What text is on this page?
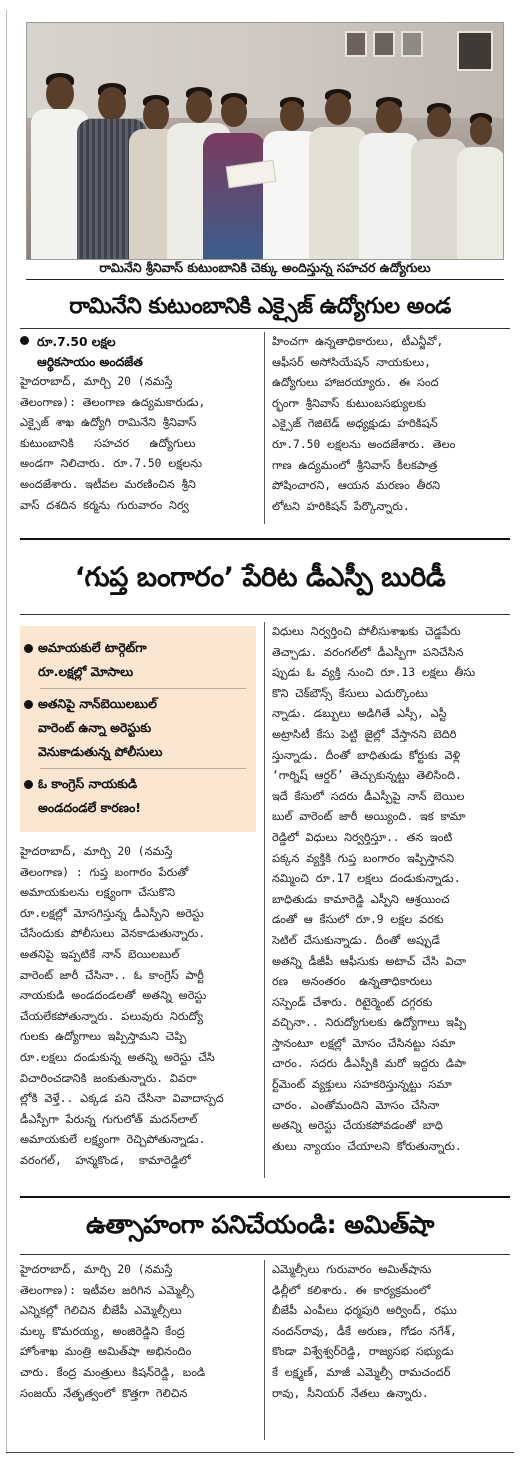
రామినేని శ్రీనివాస్ కుటుంబానికి చెక్కు అందిస్తున్న సహచర ఉద్యోగులు
రామినేని కుటుంబానికి ఎక్సైజ్ ఉద్యోగుల అండ
రూ.7.50 లక్షల
ఆర్థికసాయం అందజేత
హైదరాబాద్, మార్చి 20 (నమస్తే
తెలంగాణ): తెలంగాణ ఉద్యమకారుడు,
ఎక్సైజ్ శాఖ ఉద్యోగి రామినేని శ్రీనివాస్
కుటుంబానికి   సహచర   ఉద్యోగులు
అండగా నిలిచారు. రూ.7.50 లక్షలను
అందజేశారు. ఇటీవల మరణించిన శ్రీని
వాస్ దశదిన కర్మను గురువారం నిర్వ
హించగా ఉన్నతాధికారులు, టీఎన్జీవో,
ఆఫీసర్ అసోసియేషన్ నాయకులు,
ఉద్యోగులు హాజరయ్యారు. ఈ సంద
ర్భంగా శ్రీనివాస్ కుటుంబసభ్యులకు
ఎక్సైజ్ గెజిటెడ్ అధ్యక్షుడు హరికిషన్
రూ.7.50 లక్షలను అందజేశారు. తెలం
గాణ ఉద్యమంలో శ్రీనివాస్ కీలకపాత్ర
పోషించారని, ఆయన మరణం తీరని
లోటని హరికిషన్ పేర్కొన్నారు.
‘గుప్త బంగారం’ పేరిట డీఎస్పీ బురిడీ
అమాయకులే టార్గెట్‌గా
రూ.లక్షల్లో మోసాలు
అతనిపై నాన్‌బెయిలబుల్
వారెంట్ ఉన్నా అరెస్టుకు
వెనుకాడుతున్న పోలీసులు
ఓ కాంగ్రెస్ నాయకుడి
అండదండలే కారణం!
హైదరాబాద్, మార్చి 20 (నమస్తే
తెలంగాణ) : గుప్త బంగారం పేరుతో
అమాయకులను లక్ష్యంగా చేసుకొని
రూ.లక్షల్లో మోసగిస్తున్న డీఎస్పీని అరెస్టు
చేసేందుకు పోలీసులు వెనకాడుతున్నారు.
అతనిపై ఇప్పటికే నాన్ బెయిలబుల్
వారెంట్ జారీ చేసినా.. ఓ కాంగ్రెస్ పార్టీ
నాయకుడి అండదండలతో అతన్ని అరెస్టు
చేయలేకపోతున్నారు. పలువురు నిరుద్యో
గులకు ఉద్యోగాలు ఇప్పిస్తామని చెప్పి
రూ.లక్షలు దండుకున్న అతన్ని అరెస్టు చేసి
విచారించడానికి జంకుతున్నారు. వివరా
ల్లోకి వెళ్తే.. ఎక్కడ పని చేసినా వివాదాస్పద
డీఎస్పీగా పేరున్న గుగులోత్ మదన్‌లాల్
అమాయకులే లక్ష్యంగా రెచ్చిపోతున్నాడు.
వరంగల్,  హన్మకొండ,  కామారెడ్డిలో
విధులు నిర్వర్తించి పోలీసుశాఖకు చెడ్డపేరు
తెచ్చాడు. వరంగల్‌లో డీఎస్పీగా పనిచేసిన
ప్పుడు ఓ వ్యక్తి నుంచి రూ.13 లక్షలు తీసు
కొని చెక్‌బౌన్స్ కేసులు ఎదుర్కొంటు
న్నాడు. డబ్బులు అడిగితే ఎస్సీ, ఎస్టీ
అట్రాసిటీ కేసు పెట్టి జైల్లో వేస్తానని బెదిరి
స్తున్నాడు. దీంతో బాధితుడు కోర్టుకు వెళ్లి
‘గార్నిష్ ఆర్డర్’ తెచ్చుకున్నట్టు తెలిసింది.
ఇదే కేసులో సదరు డీఎస్పీపై నాన్ బెయిల
బుల్ వారెంట్ జారీ అయ్యింది. ఇక కామా
రెడ్డిలో విధులు నిర్వర్తిస్తూ.. తన ఇంటి
పక్కన వ్యక్తికి గుప్త బంగారం ఇప్పిస్తానని
నమ్మించి రూ.17 లక్షలు దండుకున్నాడు.
బాధితుడు కామారెడ్డి ఎస్పీని ఆశ్రయించ
డంతో ఆ కేసులో రూ.9 లక్షల వరకు
సెటిల్ చేసుకున్నాడు. దీంతో అప్పుడే
అతన్ని డీజీపీ ఆఫీసుకు అటాచ్ చేసి విచా
రణ  అనంతరం  ఉన్నతాధికారులు
సస్పెండ్ చేశారు. రిటైర్మెంట్ దగ్గరకు
వచ్చినా.. నిరుద్యోగులకు ఉద్యోగాలు ఇప్పి
స్తానంటూ లక్షల్లో మోసం చేసినట్టు సమా
చారం. సదరు డీఎస్పీకి మరో ఇద్దరు డిపా
ర్ట్‌మెంట్ వ్యక్తులు సహకరిస్తున్నట్టు సమా
చారం. ఎంతోమందిని మోసం చేసినా
అతన్ని అరెస్టు చేయకపోవడంతో బాధి
తులు న్యాయం చేయాలని కోరుతున్నారు.
ఉత్సాహంగా పనిచేయండి: అమిత్‌షా
హైదరాబాద్, మార్చి 20 (నమస్తే
తెలంగాణ): ఇటీవల జరిగిన ఎమ్మెల్సీ
ఎన్నికల్లో గెలిచిన బీజేపీ ఎమ్మెల్సీలు
మల్క కొమరయ్య, అంజిరెడ్డిని కేంద్ర
హోంశాఖ మంత్రి అమిత్‌షా అభినందిం
చారు. కేంద్ర మంత్రులు కిషన్‌రెడ్డి, బండి
సంజయ్ నేతృత్వంలో కొత్తగా గెలిచిన
ఎమ్మెల్సీలు గురువారం అమిత్‌షాను
ఢిల్లీలో కలిశారు. ఈ కార్యక్రమంలో
బీజేపీ ఎంపీలు ధర్మపురి అర్వింద్, రఘు
నందన్‌రావు, డీకే అరుణ, గోడం నగేశ్,
కొండా విశ్వేశ్వర్‌రెడ్డి, రాజ్యసభ సభ్యుడు
కే లక్ష్మణ్, మాజీ ఎమ్మెల్సీ రామచందర్
రావు, సీనియర్ నేతలు ఉన్నారు.
